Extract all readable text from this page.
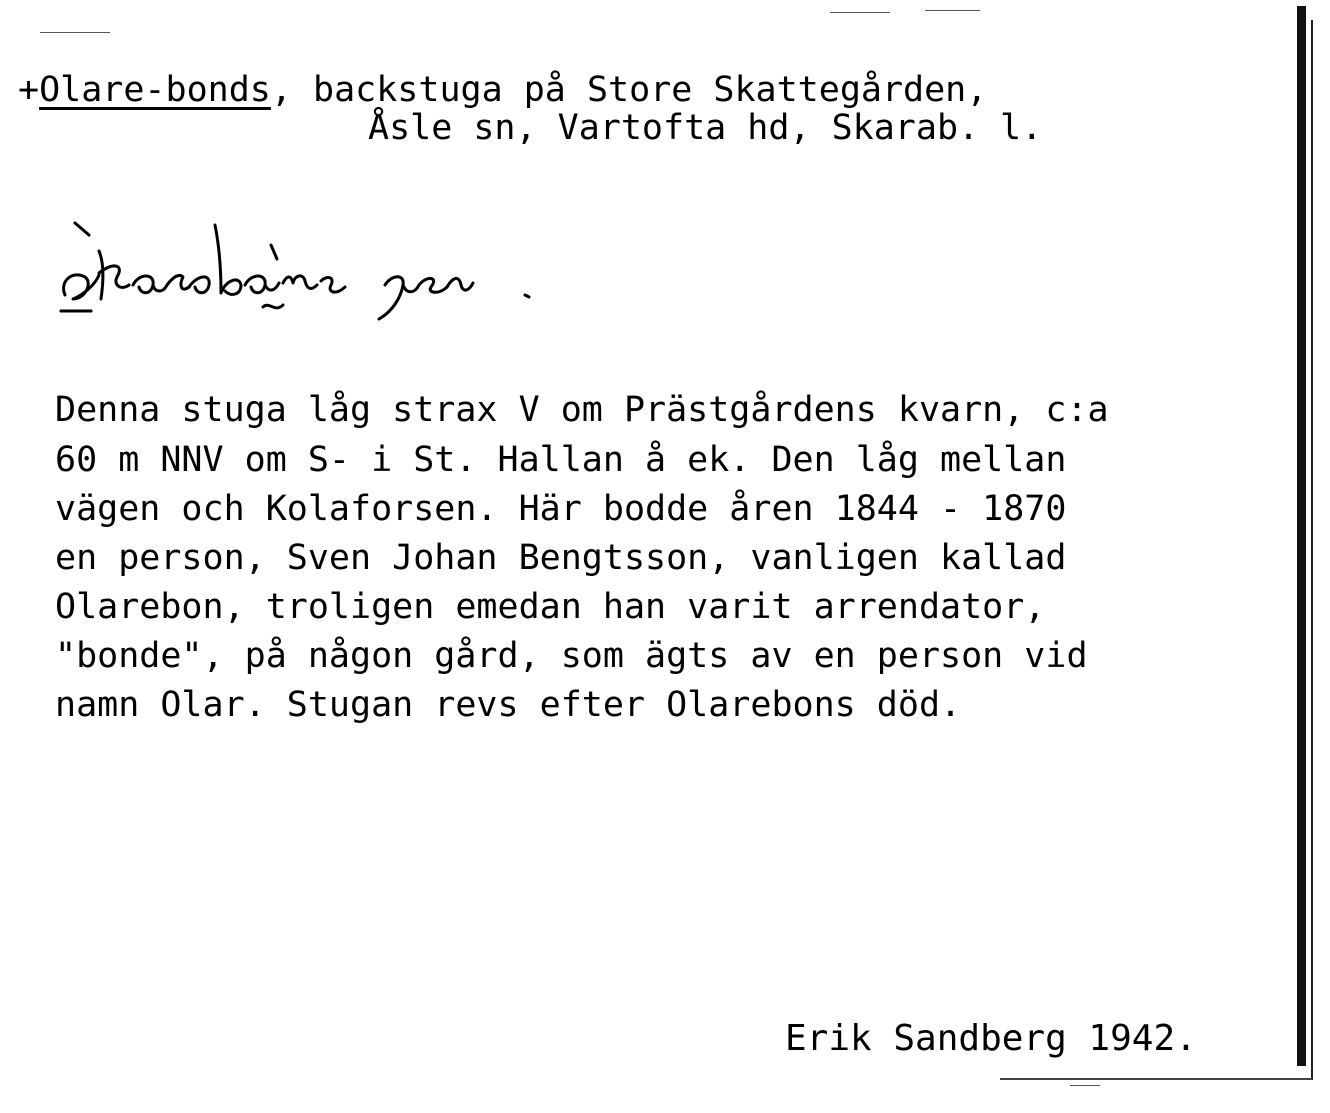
+Olare-bonds, backstuga på Store Skattegården,
Åsle sn, Vartofta hd, Skarab. l.
Ålarsbåns jen.
Denna stuga låg strax V om Prästgårdens kvarn, c:a
60 m NNV om S- i St. Hallan å ek. Den låg mellan
vägen och Kolaforsen. Här bodde åren 1844 - 1870
en person, Sven Johan Bengtsson, vanligen kallad
Olarebon, troligen emedan han varit arrendator,
"bonde", på någon gård, som ägts av en person vid
namn Olar. Stugan revs efter Olarebons död.
Erik Sandberg 1942.
